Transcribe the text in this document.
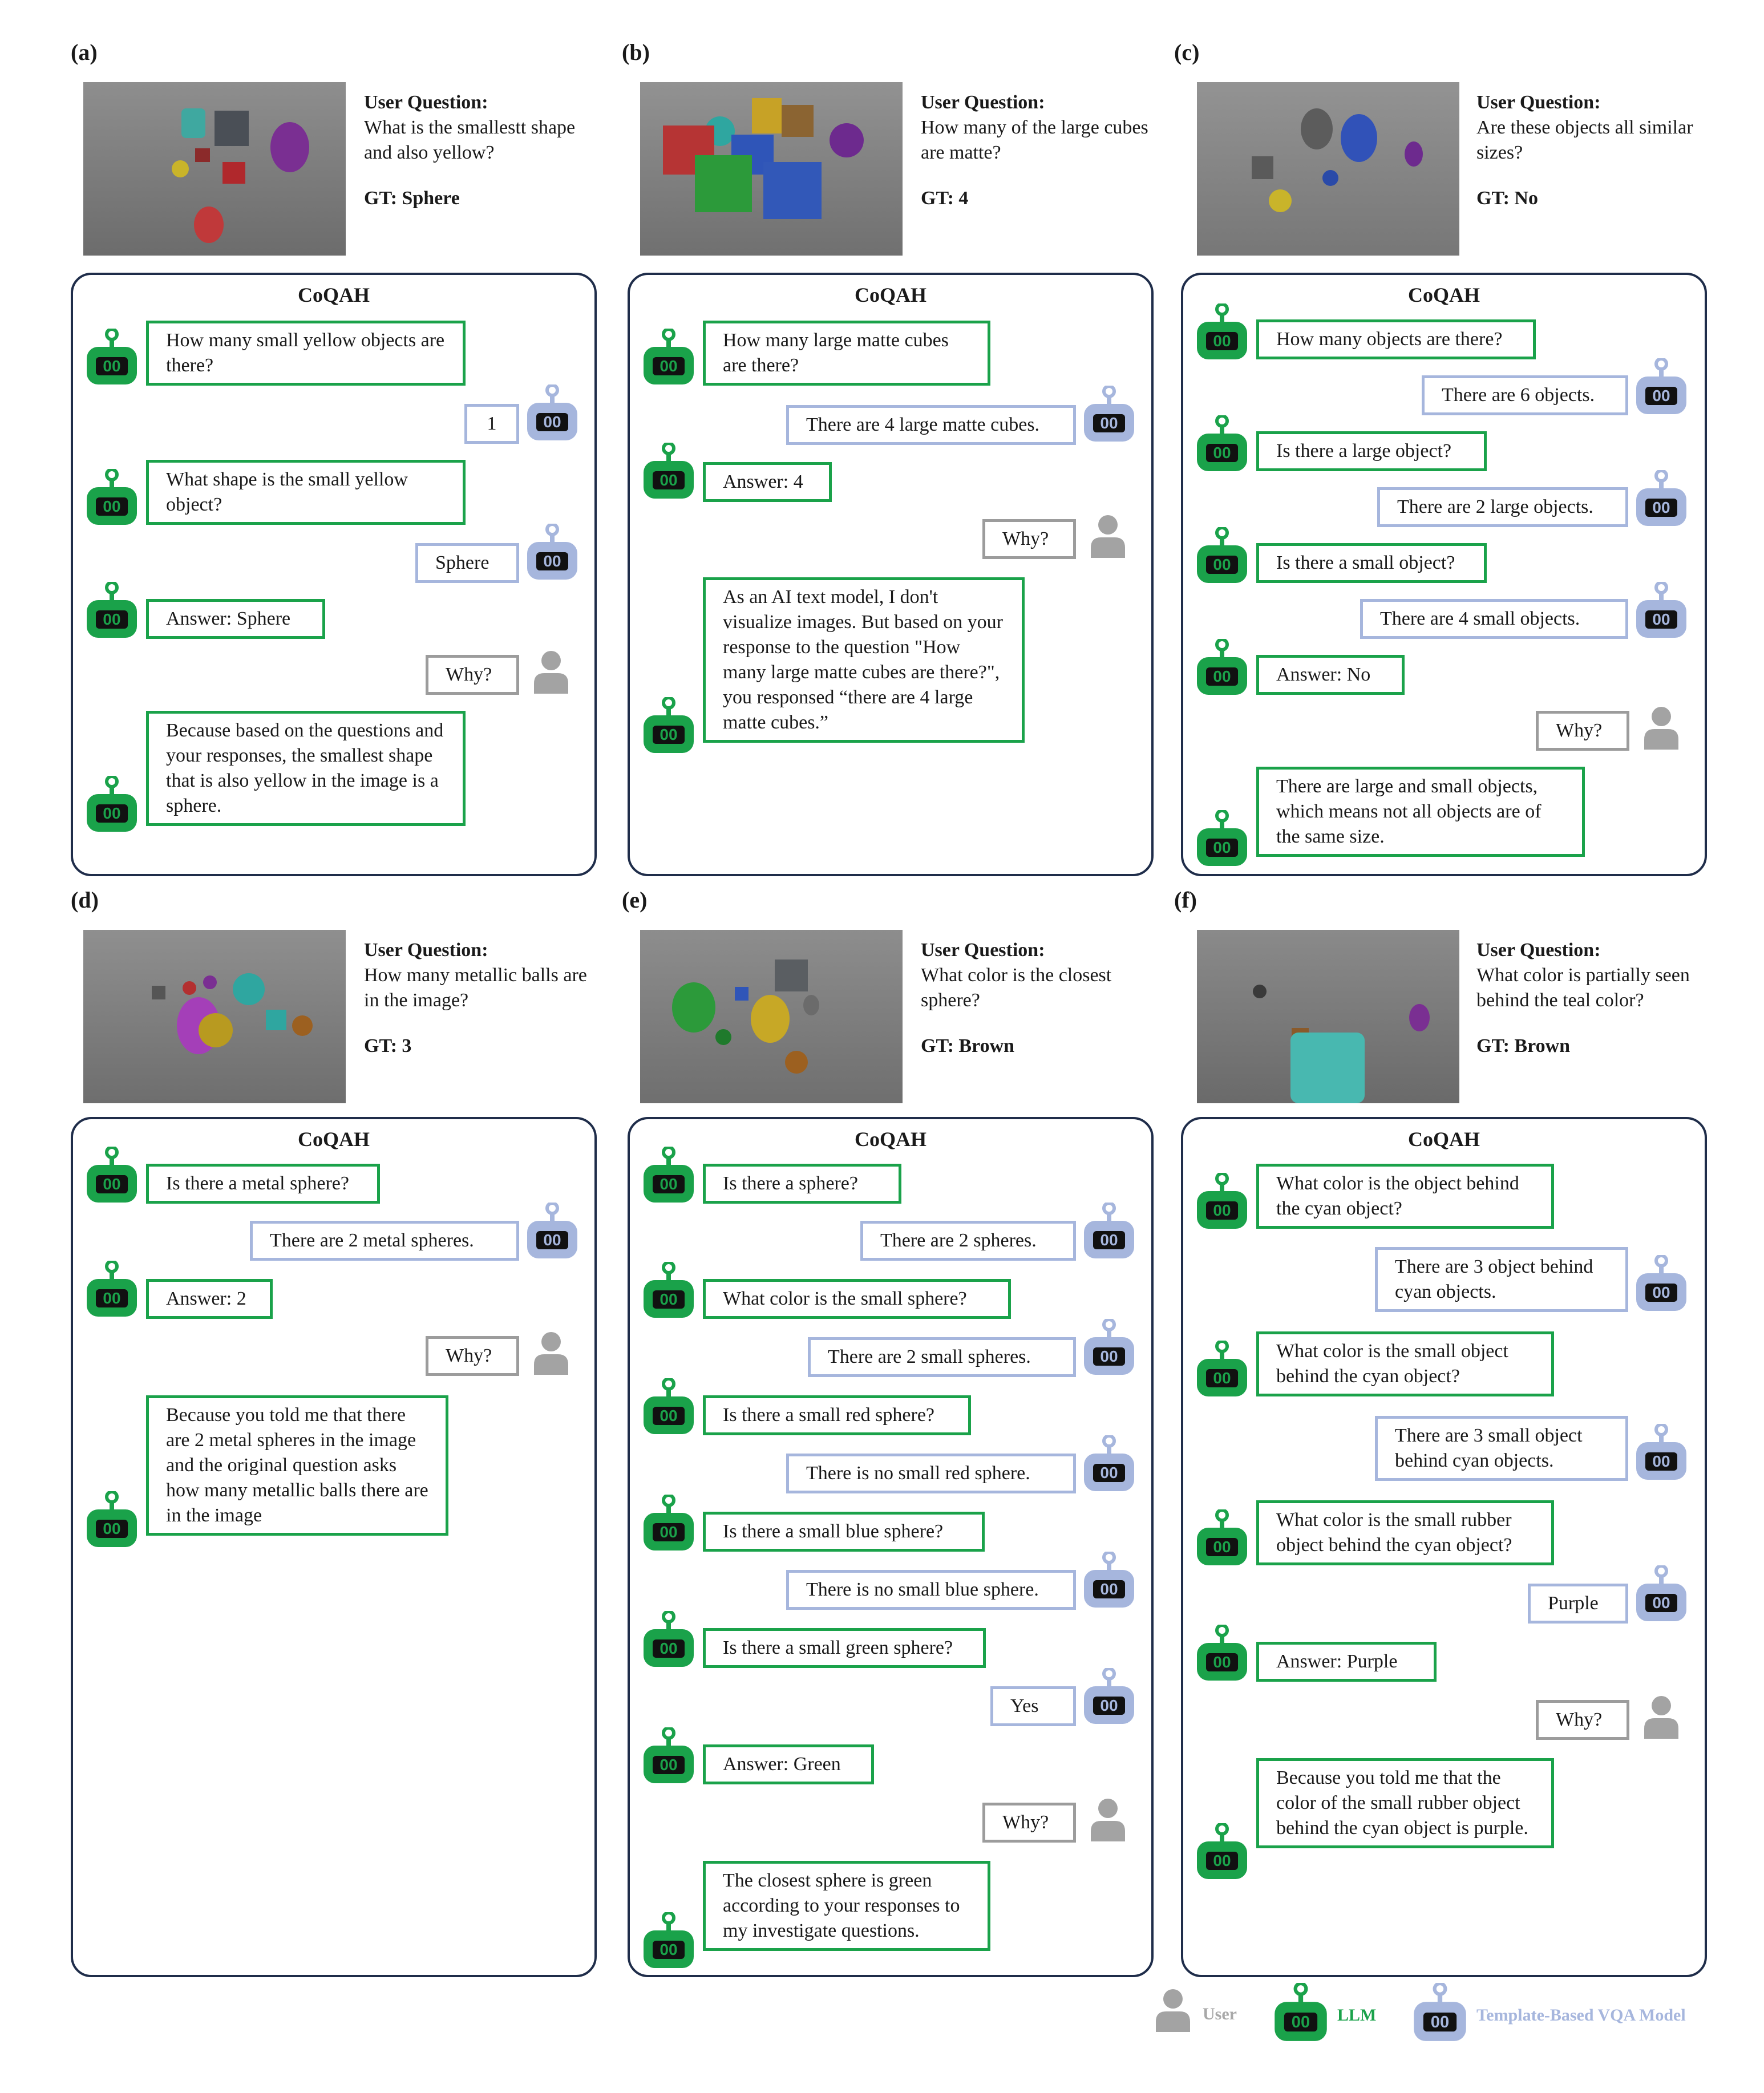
(a)
User Question:
What is the smallestt shape and also yellow?
GT: Sphere
CoQAH
How many small yellow objects are there?
1
What shape is the small yellow object?
Sphere
Answer: Sphere
Why?
Because based on the questions and your responses, the smallest shape that is also yellow in the image is a sphere.
00
00
00
00
00
00
(b)
User Question:
How many of the large cubes are matte?
GT: 4
CoQAH
How many large matte cubes are there?
There are 4 large matte cubes.
Answer: 4
Why?
As an AI text model, I don't visualize images. But based on your response to the question "How many large matte cubes are there?", you responsed “there are 4 large matte cubes.”
00
00
00
00
(c)
User Question:
Are these objects all similar sizes?
GT: No
CoQAH
How many objects are there?
There are 6 objects.
Is there a large object?
There are 2 large objects.
Is there a small object?
There are 4 small objects.
Answer: No
Why?
There are large and small objects, which means not all objects are of the same size.
00
00
00
00
00
00
00
00
(d)
User Question:
How many metallic balls are in the image?
GT: 3
CoQAH
Is there a metal sphere?
There are 2 metal spheres.
Answer: 2
Why?
Because you told me that there are 2 metal spheres in the image and the original question asks how many metallic balls there are in the image
00
00
00
00
(e)
User Question:
What color is the closest sphere?
GT: Brown
CoQAH
Is there a sphere?
There are 2 spheres.
What color is the small sphere?
There are 2 small spheres.
Is there a small red sphere?
There is no small red sphere.
Is there a small blue sphere?
There is no small blue sphere.
Is there a small green sphere?
Yes
Answer: Green
Why?
The closest sphere is green according to your responses to my investigate questions.
00
00
00
00
00
00
00
00
00
00
00
00
(f)
User Question:
What color is partially seen behind the teal color?
GT: Brown
CoQAH
What color is the object behind the cyan object?
There are 3 object behind cyan objects.
What color is the small object behind the cyan object?
There are 3 small object behind cyan objects.
What color is the small rubber object behind the cyan object?
Purple
Answer: Purple
Why?
Because you told me that the color of the small rubber object behind the cyan object is purple.
00
00
00
00
00
00
00
00
User	00 LLM	00 Template-Based VQA Model
